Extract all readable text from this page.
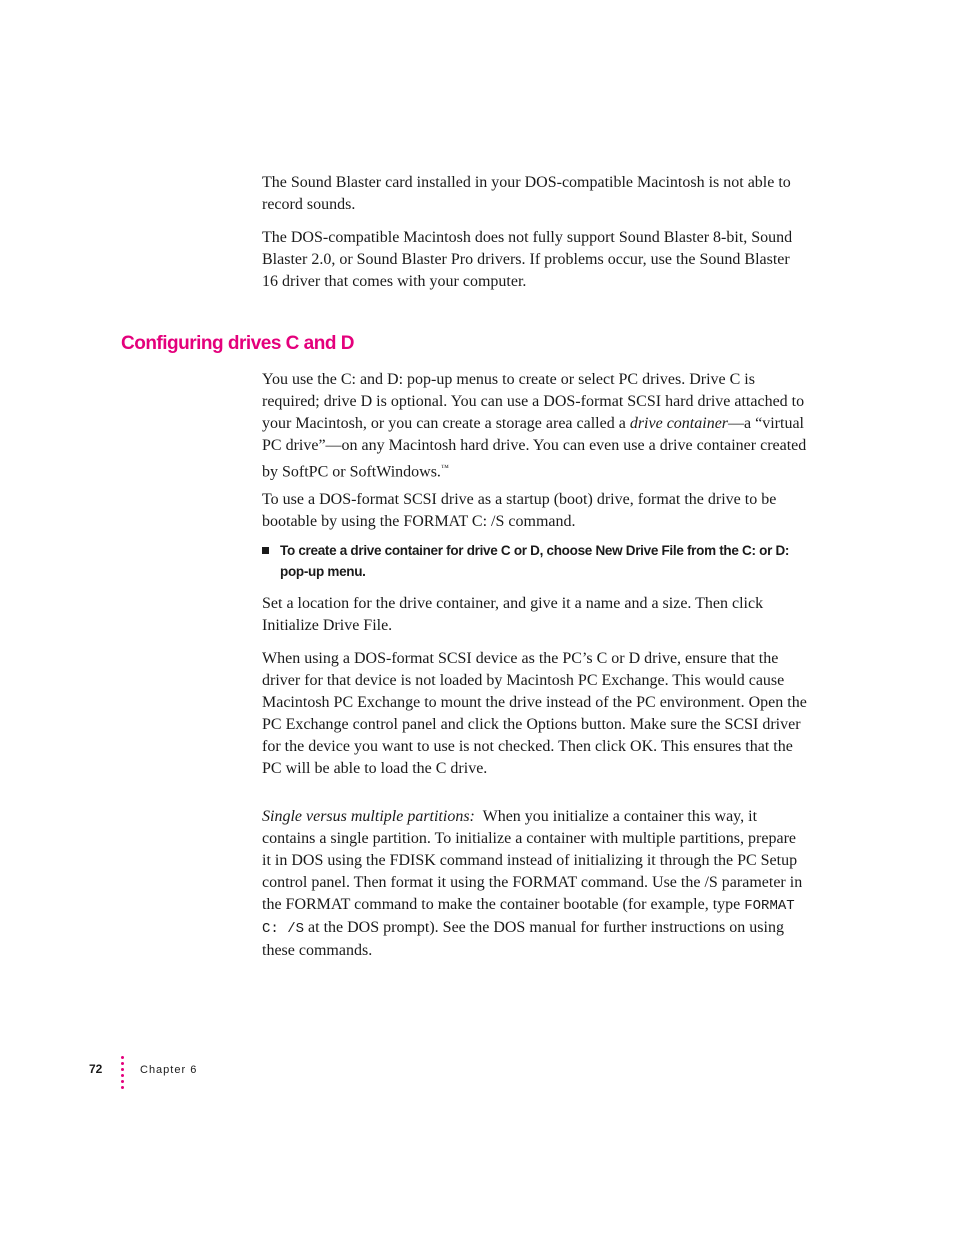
The Sound Blaster card installed in your DOS-compatible Macintosh is not able to record sounds.

The DOS-compatible Macintosh does not fully support Sound Blaster 8-bit, Sound Blaster 2.0, or Sound Blaster Pro drivers. If problems occur, use the Sound Blaster 16 driver that comes with your computer.

Configuring drives C and D

You use the C: and D: pop-up menus to create or select PC drives. Drive C is required; drive D is optional. You can use a DOS-format SCSI hard drive attached to your Macintosh, or you can create a storage area called a drive container—a “virtual PC drive”—on any Macintosh hard drive. You can even use a drive container created by SoftPC or SoftWindows.™

To use a DOS-format SCSI drive as a startup (boot) drive, format the drive to be bootable by using the FORMAT C: /S command.

To create a drive container for drive C or D, choose New Drive File from the C: or D: pop-up menu.

Set a location for the drive container, and give it a name and a size. Then click Initialize Drive File.

When using a DOS-format SCSI device as the PC’s C or D drive, ensure that the driver for that device is not loaded by Macintosh PC Exchange. This would cause Macintosh PC Exchange to mount the drive instead of the PC environment. Open the PC Exchange control panel and click the Options button. Make sure the SCSI driver for the device you want to use is not checked. Then click OK. This ensures that the PC will be able to load the C drive.

Single versus multiple partitions:  When you initialize a container this way, it contains a single partition. To initialize a container with multiple partitions, prepare it in DOS using the FDISK command instead of initializing it through the PC Setup control panel. Then format it using the FORMAT command. Use the /S parameter in the FORMAT command to make the container bootable (for example, type FORMAT C: /S at the DOS prompt). See the DOS manual for further instructions on using these commands.

72	Chapter 6
